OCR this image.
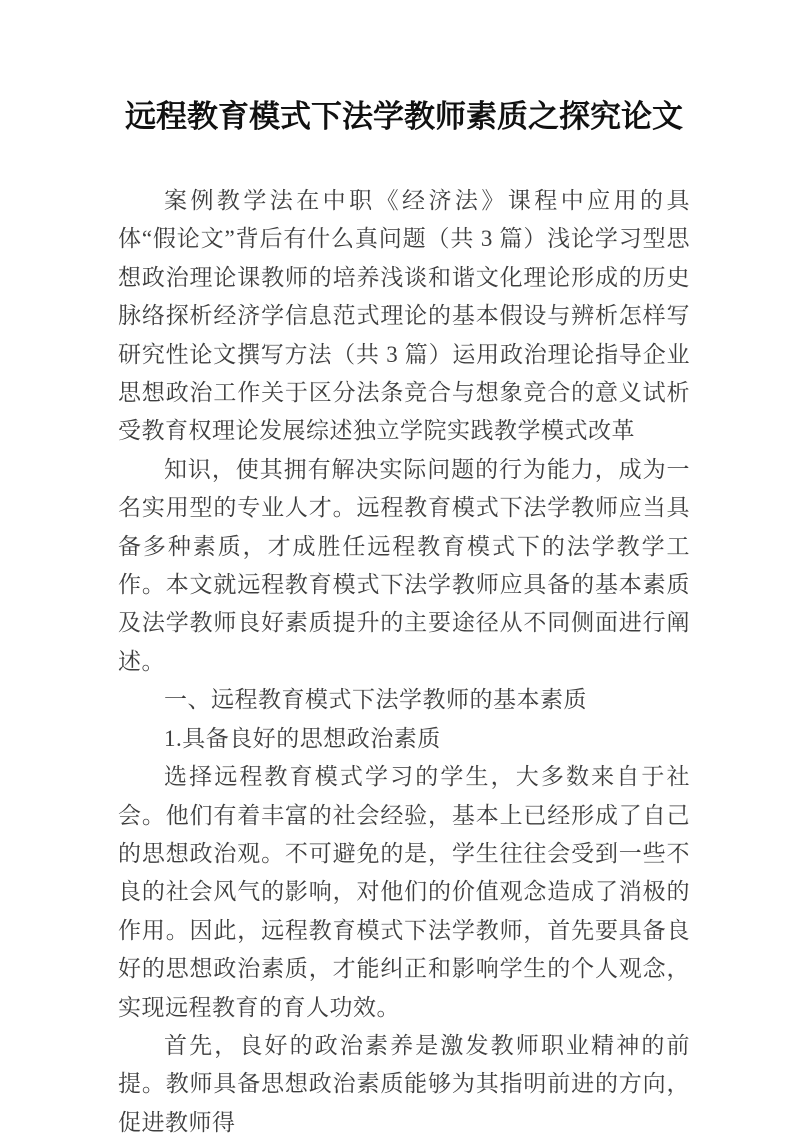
远程教育模式下法学教师素质之探究论文

案例教学法在中职《经济法》课程中应用的具体“假论文”背后有什么真问题（共 3 篇）浅论学习型思想政治理论课教师的培养浅谈和谐文化理论形成的历史脉络探析经济学信息范式理论的基本假设与辨析怎样写研究性论文撰写方法（共 3 篇）运用政治理论指导企业思想政治工作关于区分法条竞合与想象竞合的意义试析受教育权理论发展综述独立学院实践教学模式改革

知识，使其拥有解决实际问题的行为能力，成为一名实用型的专业人才。远程教育模式下法学教师应当具备多种素质，才成胜任远程教育模式下的法学教学工作。本文就远程教育模式下法学教师应具备的基本素质及法学教师良好素质提升的主要途径从不同侧面进行阐述。

一、远程教育模式下法学教师的基本素质

1.具备良好的思想政治素质

选择远程教育模式学习的学生，大多数来自于社会。他们有着丰富的社会经验，基本上已经形成了自己的思想政治观。不可避免的是，学生往往会受到一些不良的社会风气的影响，对他们的价值观念造成了消极的作用。因此，远程教育模式下法学教师，首先要具备良好的思想政治素质，才能纠正和影响学生的个人观念，实现远程教育的育人功效。

首先，良好的政治素养是激发教师职业精神的前提。教师具备思想政治素质能够为其指明前进的方向，促进教师得
